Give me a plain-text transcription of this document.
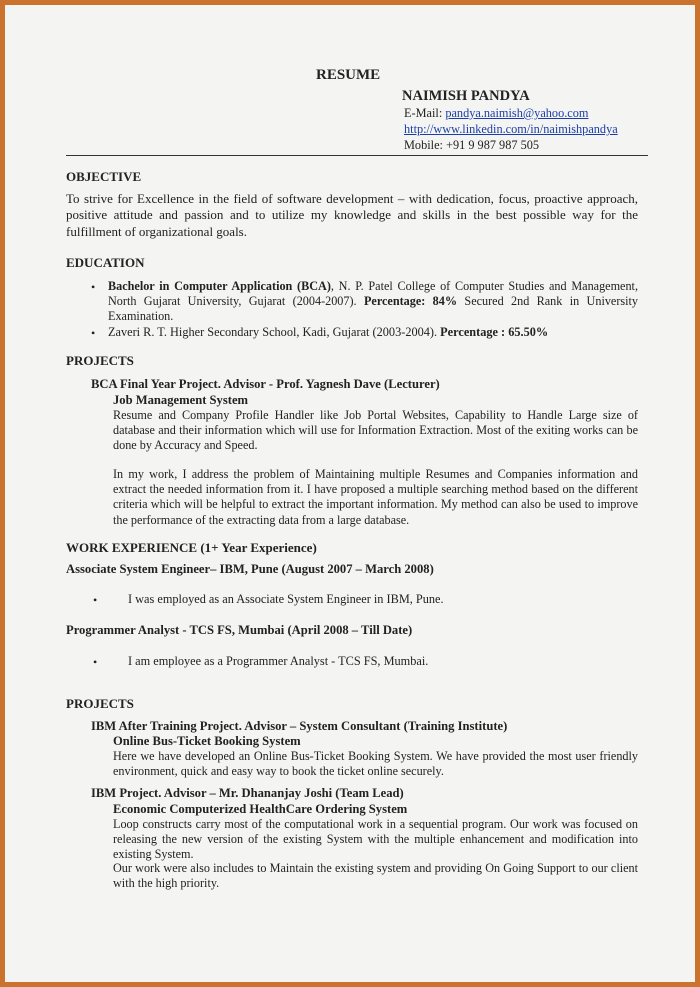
RESUME
NAIMISH PANDYA
E-Mail: pandya.naimish@yahoo.com
http://www.linkedin.com/in/naimishpandya
Mobile: +91 9 987 987 505
OBJECTIVE
To strive for Excellence in the field of software development – with dedication, focus, proactive approach, positive attitude and passion and to utilize my knowledge and skills in the best possible way for the fulfillment of organizational goals.
EDUCATION
• Bachelor in Computer Application (BCA), N. P. Patel College of Computer Studies and Management, North Gujarat University, Gujarat (2004-2007). Percentage: 84% Secured 2nd Rank in University Examination.
• Zaveri R. T. Higher Secondary School, Kadi, Gujarat (2003-2004). Percentage : 65.50%
PROJECTS
BCA Final Year Project. Advisor - Prof. Yagnesh Dave (Lecturer)
Job Management System
Resume and Company Profile Handler like Job Portal Websites, Capability to Handle Large size of database and their information which will use for Information Extraction. Most of the exiting works can be done by Accuracy and Speed.
In my work, I address the problem of Maintaining multiple Resumes and Companies information and extract the needed information from it. I have proposed a multiple searching method based on the different criteria which will be helpful to extract the important information. My method can also be used to improve the performance of the extracting data from a large database.
WORK EXPERIENCE (1+ Year Experience)
Associate System Engineer– IBM, Pune (August 2007 – March 2008)
•	I was employed as an Associate System Engineer in IBM, Pune.
Programmer Analyst - TCS FS, Mumbai (April 2008 – Till Date)
•	I am employee as a Programmer Analyst - TCS FS, Mumbai.
PROJECTS
IBM After Training Project. Advisor – System Consultant (Training Institute)
Online Bus-Ticket Booking System
Here we have developed an Online Bus-Ticket Booking System. We have provided the most user friendly environment, quick and easy way to book the ticket online securely.
IBM Project. Advisor – Mr. Dhananjay Joshi (Team Lead)
Economic Computerized HealthCare Ordering System
Loop constructs carry most of the computational work in a sequential program. Our work was focused on releasing the new version of the existing System with the multiple enhancement and modification into existing System.
Our work were also includes to Maintain the existing system and providing On Going Support to our client with the high priority.
